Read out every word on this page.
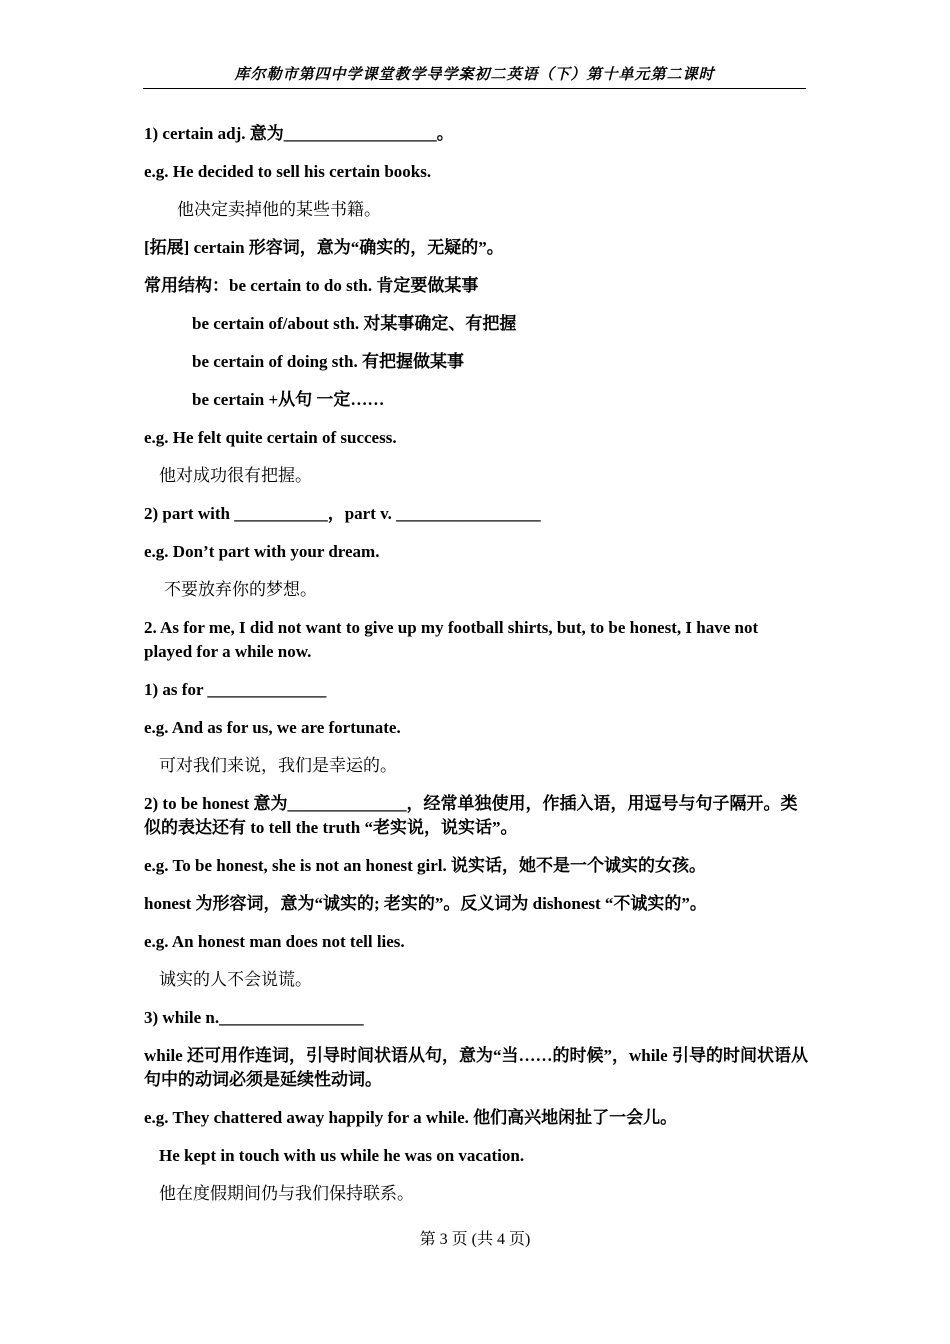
库尔勒市第四中学课堂教学导学案初二英语（下）第十单元第二课时

1) certain adj. 意为__________________。

e.g. He decided to sell his certain books.

他决定卖掉他的某些书籍。

[拓展] certain 形容词，意为“确实的，无疑的”。

常用结构：be certain to do sth. 肯定要做某事

be certain of/about sth. 对某事确定、有把握

be certain of doing sth. 有把握做某事

be certain +从句 一定……

e.g. He felt quite certain of success.

他对成功很有把握。

2) part with ___________，part v. _________________

e.g. Don’t part with your dream.

不要放弃你的梦想。

2. As for me, I did not want to give up my football shirts, but, to be honest, I have not played for a while now.

1) as for ______________

e.g. And as for us, we are fortunate.

可对我们来说，我们是幸运的。

2) to be honest 意为______________，经常单独使用，作插入语，用逗号与句子隔开。类似的表达还有 to tell the truth “老实说，说实话”。

e.g. To be honest, she is not an honest girl. 说实话，她不是一个诚实的女孩。

honest 为形容词，意为“诚实的; 老实的”。反义词为 dishonest “不诚实的”。

e.g. An honest man does not tell lies.

诚实的人不会说谎。

3) while n._________________

while 还可用作连词，引导时间状语从句，意为“当……的时候”，while 引导的时间状语从句中的动词必须是延续性动词。

e.g. They chattered away happily for a while. 他们高兴地闲扯了一会儿。

He kept in touch with us while he was on vacation.

他在度假期间仍与我们保持联系。

第 3 页 (共 4 页)
